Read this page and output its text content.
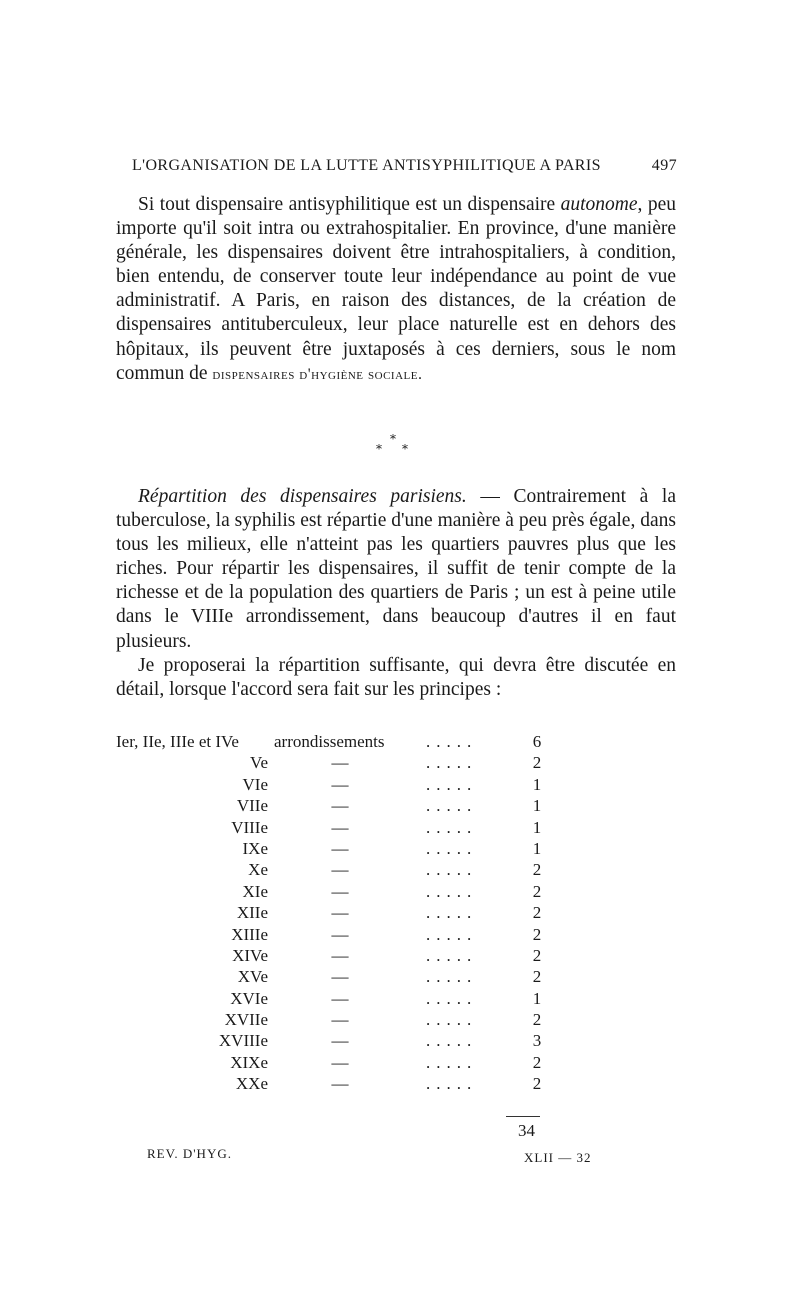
L'ORGANISATION DE LA LUTTE ANTISYPHILITIQUE A PARIS	497

Si tout dispensaire antisyphilitique est un dispensaire autonome, peu importe qu'il soit intra ou extrahospitalier. En province, d'une manière générale, les dispensaires doivent être intrahospitaliers, à condition, bien entendu, de conserver toute leur indépendance au point de vue administratif. A Paris, en raison des distances, de la création de dispensaires antituberculeux, leur place naturelle est en dehors des hôpitaux, ils peuvent être juxtaposés à ces derniers, sous le nom commun de dispensaires d'hygiène sociale.

*
* *

Répartition des dispensaires parisiens. — Contrairement à la tuberculose, la syphilis est répartie d'une manière à peu près égale, dans tous les milieux, elle n'atteint pas les quartiers pauvres plus que les riches. Pour répartir les dispensaires, il suffit de tenir compte de la richesse et de la population des quartiers de Paris ; un est à peine utile dans le VIIIe arrondissement, dans beaucoup d'autres il en faut plusieurs.

Je proposerai la répartition suffisante, qui devra être discutée en détail, lorsque l'accord sera fait sur les principes :

Ier, IIe, IIIe et IVe arrondissements .....	6
Ve	—	.....	2
VIe	—	.....	1
VIIe	—	.....	1
VIIIe	—	.....	1
IXe	—	.....	1
Xe	—	.....	2
XIe	—	.....	2
XIIe	—	.....	2
XIIIe	—	.....	2
XIVe	—	.....	2
XVe	—	.....	2
XVIe	—	.....	1
XVIIe	—	.....	2
XVIIIe	—	.....	3
XIXe	—	.....	2
XXe	—	.....	2
34
REV. D'HYG.	XLII — 32
